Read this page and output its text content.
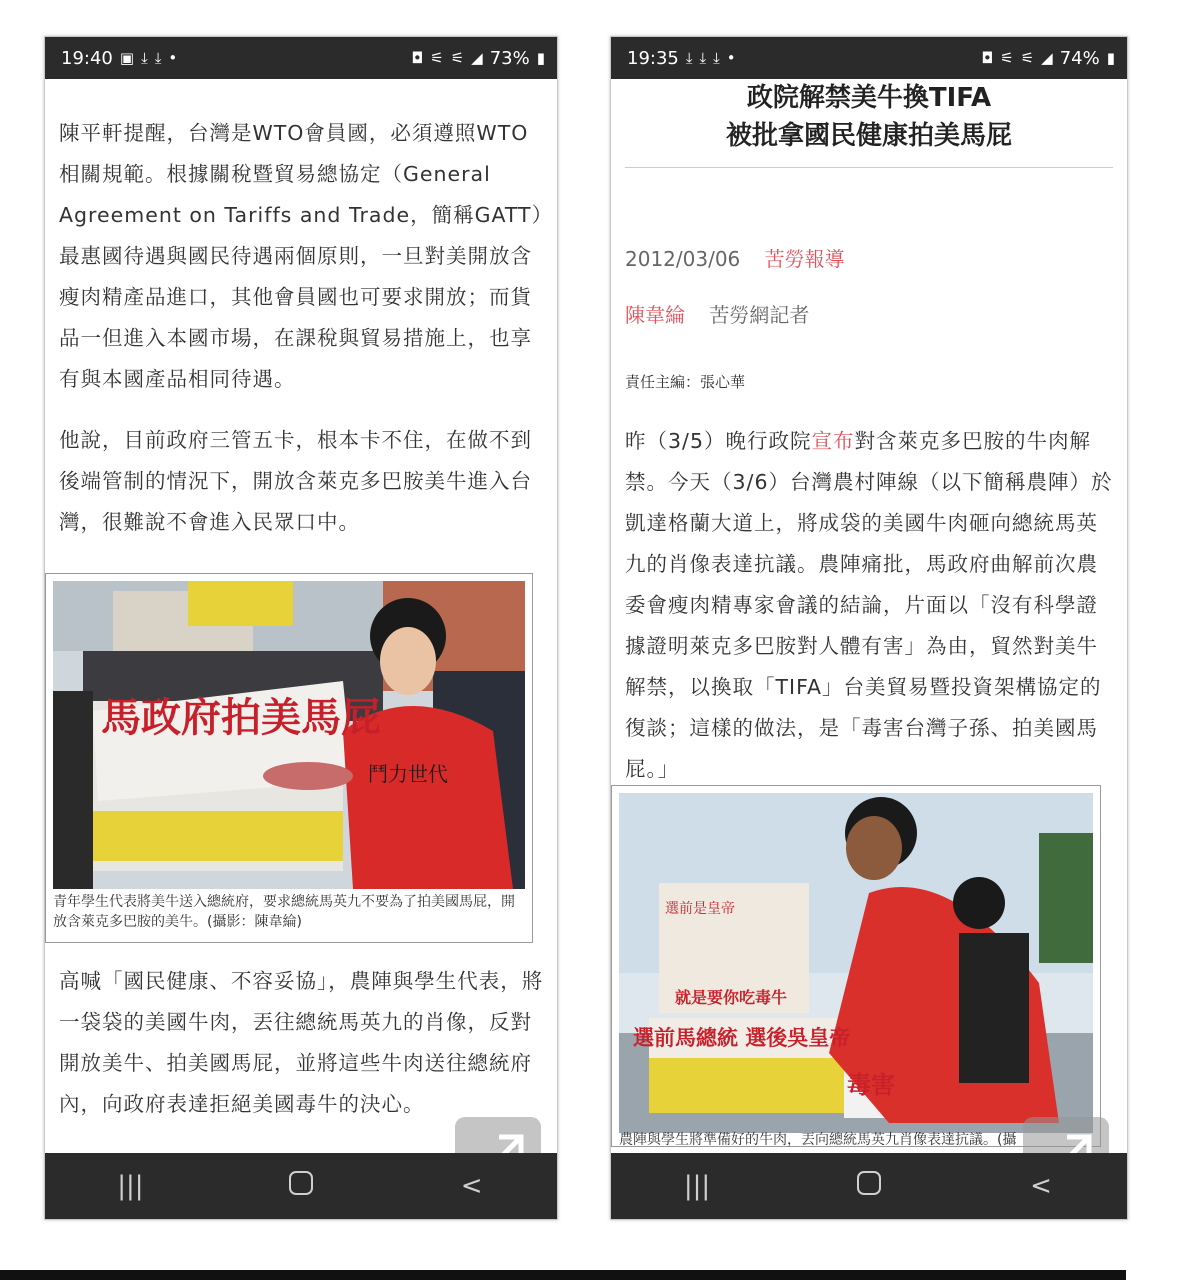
19:40 ▣ ⤓ ⤓ •	◘ ⚟ ⚟ ◢ 73% ▮

陳平軒提醒，台灣是WTO會員國，必須遵照WTO相關規範。根據關稅暨貿易總協定（General Agreement on Tariffs and Trade，簡稱GATT）最惠國待遇與國民待遇兩個原則，一旦對美開放含瘦肉精產品進口，其他會員國也可要求開放；而貨品一但進入本國市場，在課稅與貿易措施上，也享有與本國產品相同待遇。

他說，目前政府三管五卡，根本卡不住，在做不到後端管制的情況下，開放含萊克多巴胺美牛進入台灣，很難說不會進入民眾口中。

馬政府拍美馬屁
鬥力世代
青年學生代表將美牛送入總統府，要求總統馬英九不要為了拍美國馬屁，開放含萊克多巴胺的美牛。(攝影：陳韋綸)

高喊「國民健康、不容妥協」，農陣與學生代表，將一袋袋的美國牛肉，丟往總統馬英九的肖像，反對開放美牛、拍美國馬屁，並將這些牛肉送往總統府內，向政府表達拒絕美國毒牛的決心。

|||	<
19:35 ⤓ ⤓ ⤓ •	◘ ⚟ ⚟ ◢ 74% ▮

政院解禁美牛換TIFA

被批拿國民健康拍美馬屁

2012/03/06 苦勞報導
陳韋綸 苦勞網記者
責任主編：張心華

昨（3/5）晚行政院宣布對含萊克多巴胺的牛肉解禁。今天（3/6）台灣農村陣線（以下簡稱農陣）於凱達格蘭大道上，將成袋的美國牛肉砸向總統馬英九的肖像表達抗議。農陣痛批，馬政府曲解前次農委會瘦肉精專家會議的結論，片面以「沒有科學證據證明萊克多巴胺對人體有害」為由，貿然對美牛解禁，以換取「TIFA」台美貿易暨投資架構協定的復談；這樣的做法，是「毒害台灣子孫、拍美國馬屁。」

選前是皇帝
就是要你吃毒牛
選前馬總統 選後吳皇帝
毒害
農陣與學生將準備好的牛肉，丟向總統馬英九肖像表達抗議。(攝
|||	<
